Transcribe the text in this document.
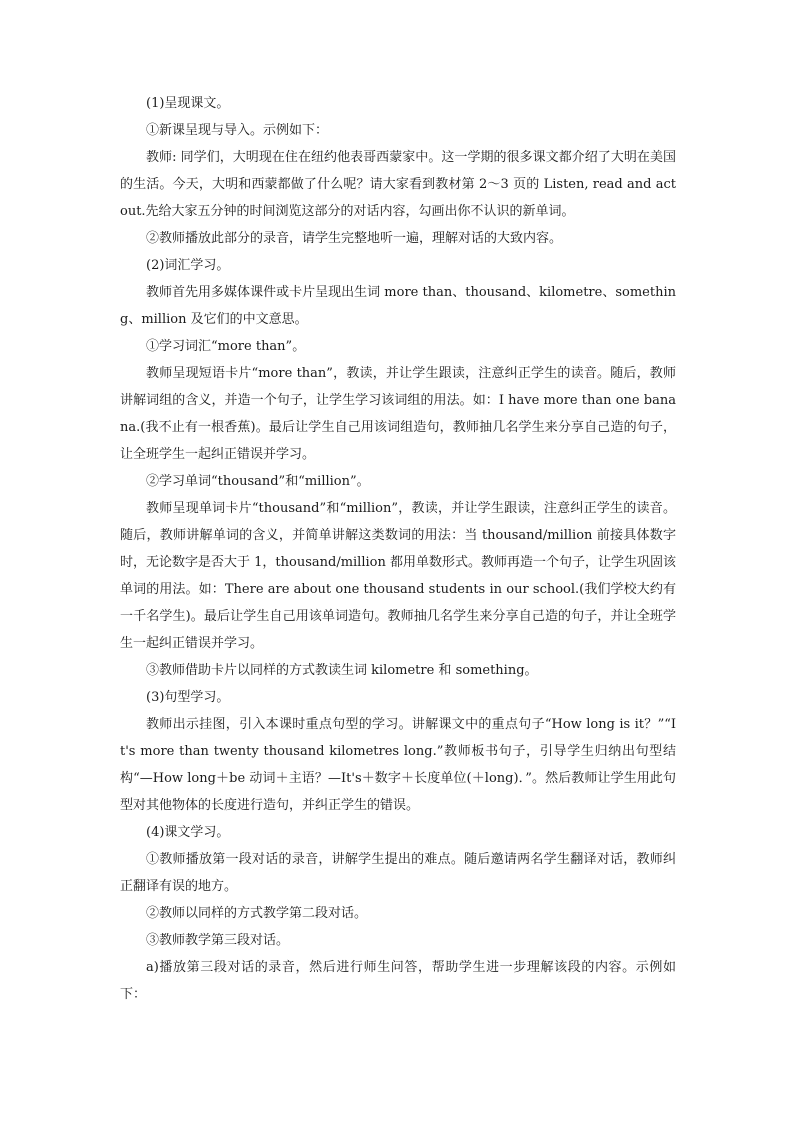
(1)呈现课文。

①新课呈现与导入。示例如下：

教师: 同学们，大明现在住在纽约他表哥西蒙家中。这一学期的很多课文都介绍了大明在美国的生活。今天，大明和西蒙都做了什么呢？请大家看到教材第 2～3 页的 Listen, read and act out.先给大家五分钟的时间浏览这部分的对话内容，勾画出你不认识的新单词。

②教师播放此部分的录音，请学生完整地听一遍，理解对话的大致内容。

(2)词汇学习。

教师首先用多媒体课件或卡片呈现出生词 more than、thousand、kilometre、something、million 及它们的中文意思。

①学习词汇“more than”。

教师呈现短语卡片“more than”，教读，并让学生跟读，注意纠正学生的读音。随后，教师讲解词组的含义，并造一个句子，让学生学习该词组的用法。如：I have more than one banana.(我不止有一根香蕉)。最后让学生自己用该词组造句，教师抽几名学生来分享自己造的句子，让全班学生一起纠正错误并学习。

②学习单词“thousand”和“million”。

教师呈现单词卡片“thousand”和“million”，教读，并让学生跟读，注意纠正学生的读音。随后，教师讲解单词的含义，并简单讲解这类数词的用法：当 thousand/million 前接具体数字时，无论数字是否大于 1，thousand/million 都用单数形式。教师再造一个句子，让学生巩固该单词的用法。如：There are about one thousand students in our school.(我们学校大约有一千名学生)。最后让学生自己用该单词造句。教师抽几名学生来分享自己造的句子，并让全班学生一起纠正错误并学习。

③教师借助卡片以同样的方式教读生词 kilometre 和 something。

(3)句型学习。

教师出示挂图，引入本课时重点句型的学习。讲解课文中的重点句子“How long is it？”“It's more than twenty thousand kilometres long.”教师板书句子，引导学生归纳出句型结构“—How long＋be 动词＋主语？—It's＋数字＋长度单位(＋long)．”。然后教师让学生用此句型对其他物体的长度进行造句，并纠正学生的错误。

(4)课文学习。

①教师播放第一段对话的录音，讲解学生提出的难点。随后邀请两名学生翻译对话，教师纠正翻译有误的地方。

②教师以同样的方式教学第二段对话。

③教师教学第三段对话。

a)播放第三段对话的录音，然后进行师生问答，帮助学生进一步理解该段的内容。示例如下：
